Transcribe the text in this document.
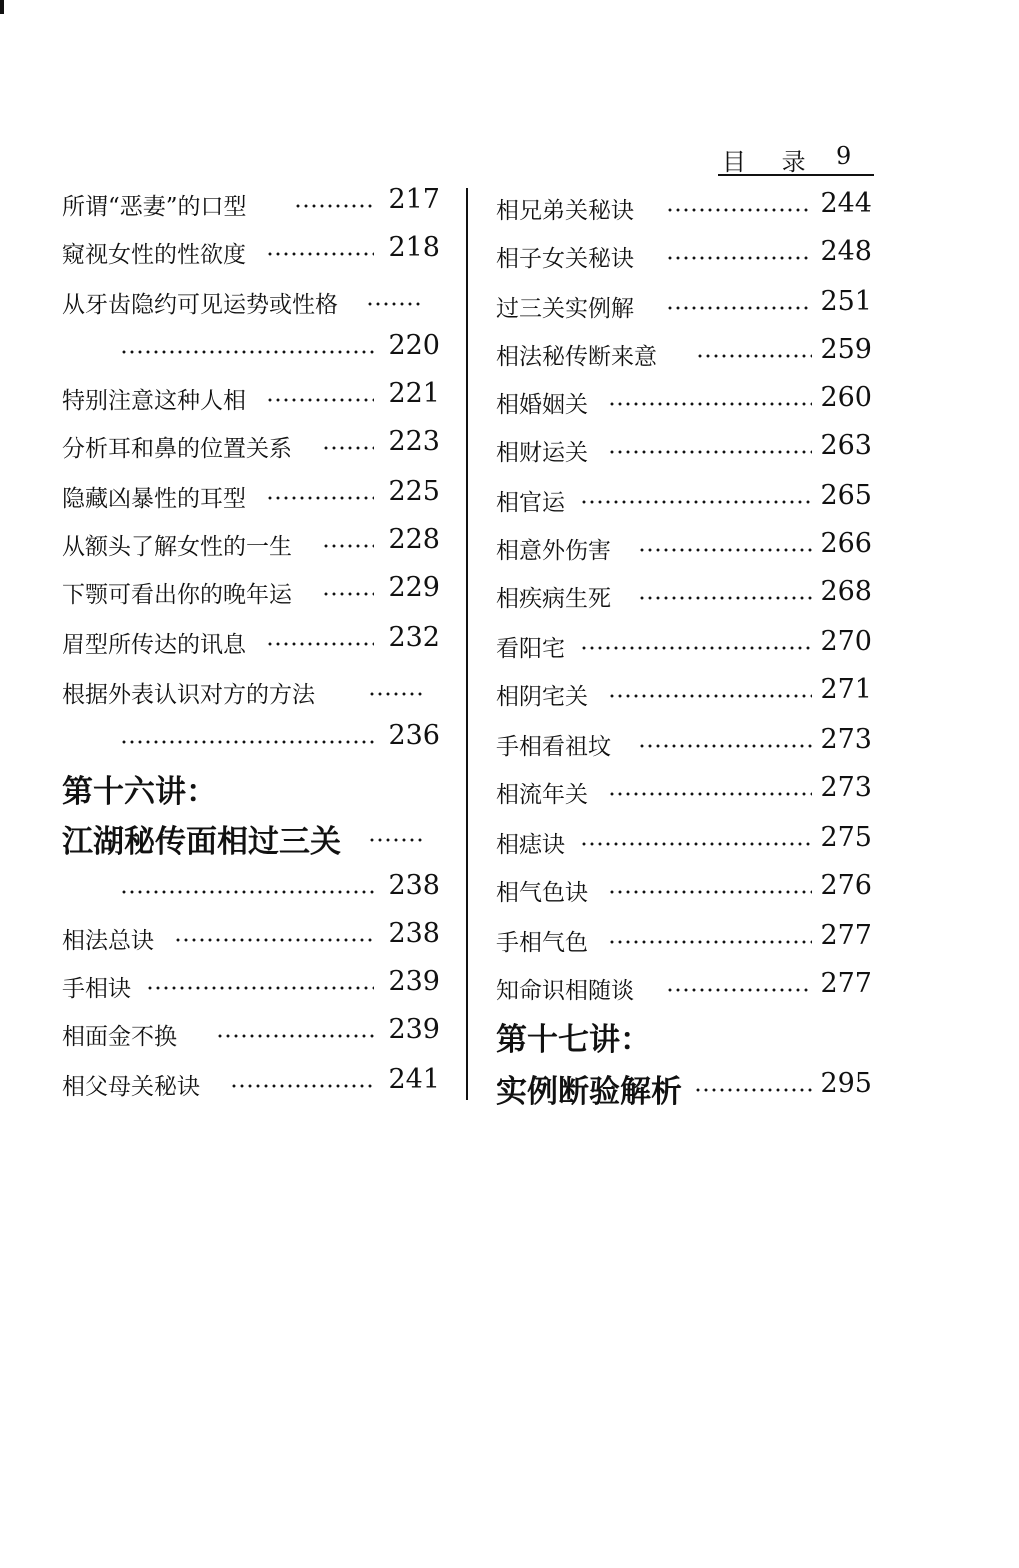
目 录 9
所谓“恶妻”的口型	217
窥视女性的性欲度	218
从牙齿隐约可见运势或性格
220
特别注意这种人相	221
分析耳和鼻的位置关系	223
隐藏凶暴性的耳型	225
从额头了解女性的一生	228
下颚可看出你的晚年运	229
眉型所传达的讯息	232
根据外表认识对方的方法
236
第十六讲：
江湖秘传面相过三关
238
相法总诀	238
手相诀	239
相面金不换	239
相父母关秘诀	241
相兄弟关秘诀	244
相子女关秘诀	248
过三关实例解	251
相法秘传断来意	259
相婚姻关	260
相财运关	263
相官运	265
相意外伤害	266
相疾病生死	268
看阳宅	270
相阴宅关	271
手相看祖坟	273
相流年关	273
相痣诀	275
相气色诀	276
手相气色	277
知命识相随谈	277
第十七讲：
实例断验解析	295
